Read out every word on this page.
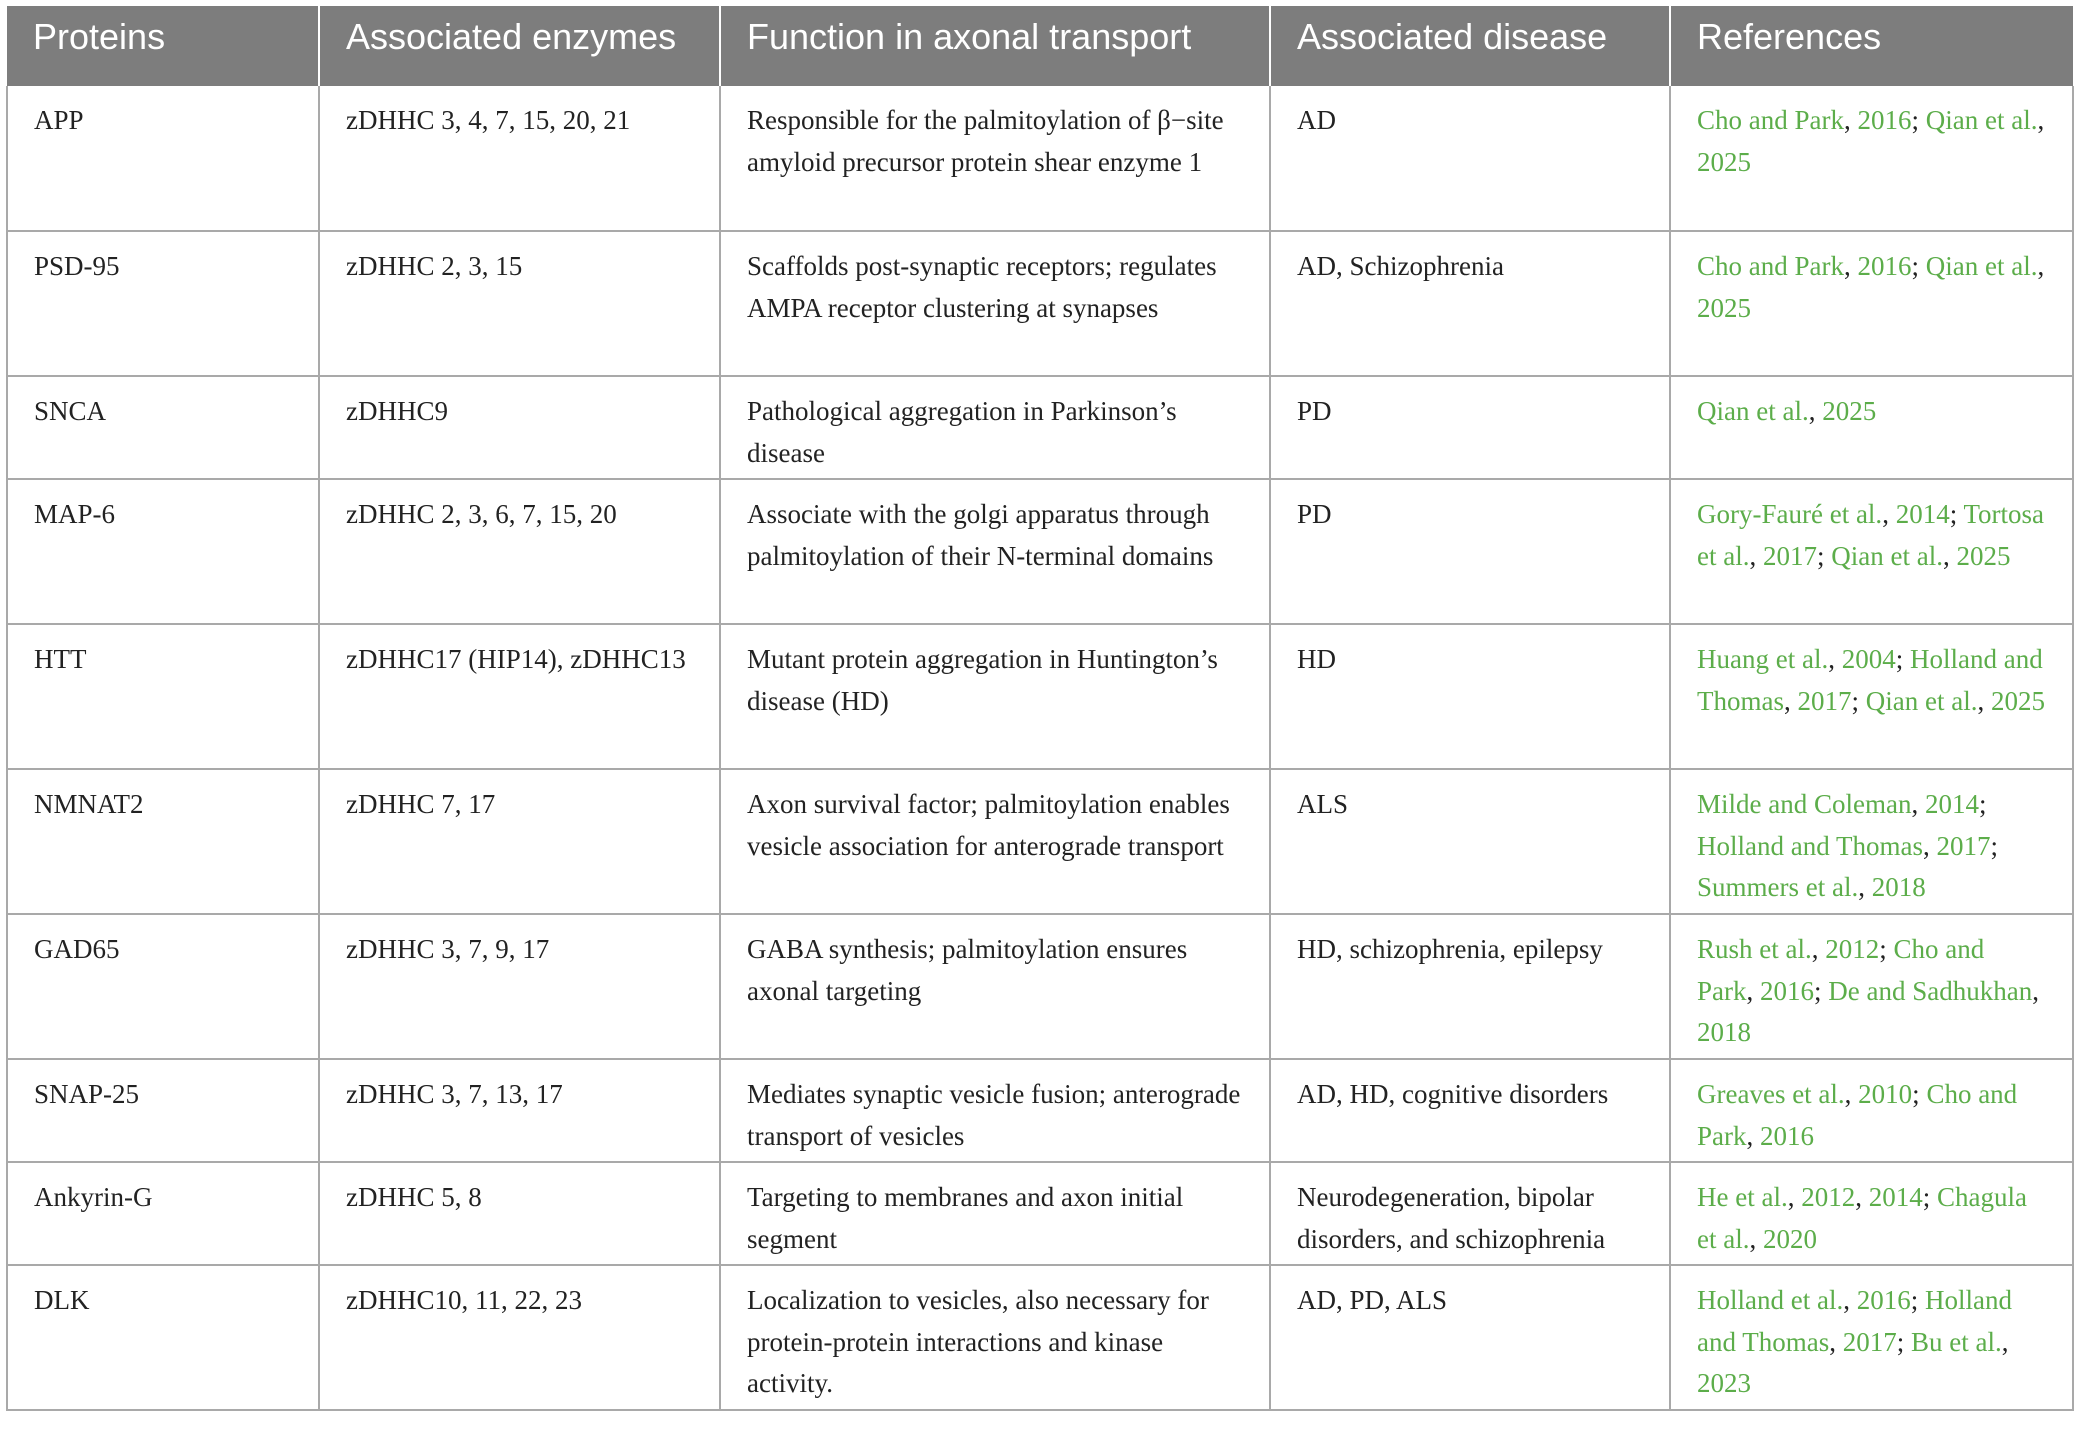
Proteins	Associated enzymes	Function in axonal transport	Associated disease	References
APP	zDHHC 3, 4, 7, 15, 20, 21	Responsible for the palmitoylation of β−site amyloid precursor protein shear enzyme 1	AD	Cho and Park, 2016; Qian et al., 2025
PSD-95	zDHHC 2, 3, 15	Scaffolds post-synaptic receptors; regulates AMPA receptor clustering at synapses	AD, Schizophrenia	Cho and Park, 2016; Qian et al., 2025
SNCA	zDHHC9	Pathological aggregation in Parkinson’s disease	PD	Qian et al., 2025
MAP-6	zDHHC 2, 3, 6, 7, 15, 20	Associate with the golgi apparatus through palmitoylation of their N-terminal domains	PD	Gory-Fauré et al., 2014; Tortosa et al., 2017; Qian et al., 2025
HTT	zDHHC17 (HIP14), zDHHC13	Mutant protein aggregation in Huntington’s disease (HD)	HD	Huang et al., 2004; Holland and Thomas, 2017; Qian et al., 2025
NMNAT2	zDHHC 7, 17	Axon survival factor; palmitoylation enables vesicle association for anterograde transport	ALS	Milde and Coleman, 2014; Holland and Thomas, 2017; Summers et al., 2018
GAD65	zDHHC 3, 7, 9, 17	GABA synthesis; palmitoylation ensures axonal targeting	HD, schizophrenia, epilepsy	Rush et al., 2012; Cho and Park, 2016; De and Sadhukhan, 2018
SNAP-25	zDHHC 3, 7, 13, 17	Mediates synaptic vesicle fusion; anterograde transport of vesicles	AD, HD, cognitive disorders	Greaves et al., 2010; Cho and Park, 2016
Ankyrin-G	zDHHC 5, 8	Targeting to membranes and axon initial segment	Neurodegeneration, bipolar disorders, and schizophrenia	He et al., 2012, 2014; Chagula et al., 2020
DLK	zDHHC10, 11, 22, 23	Localization to vesicles, also necessary for protein-protein interactions and kinase activity.	AD, PD, ALS	Holland et al., 2016; Holland and Thomas, 2017; Bu et al., 2023
